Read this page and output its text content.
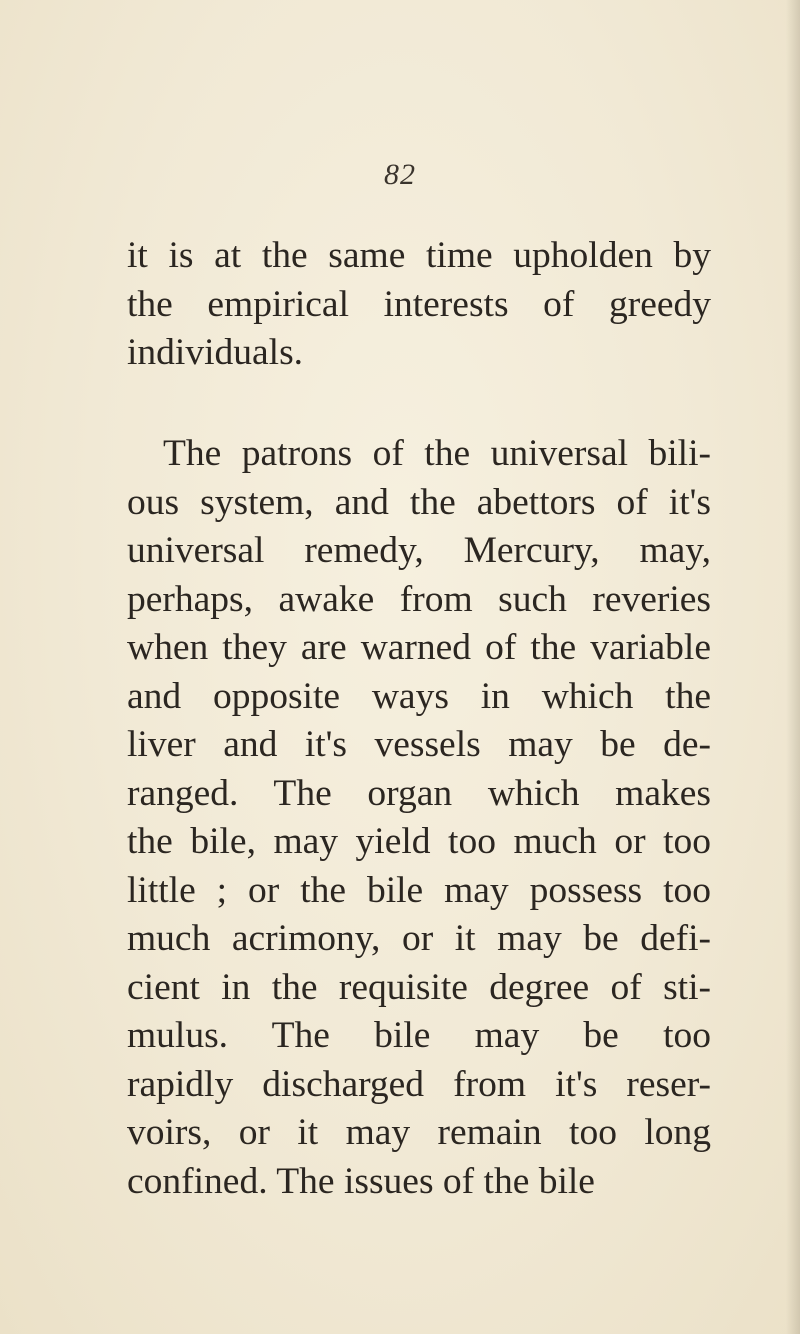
82
it is at the same time upholden by
the empirical interests of greedy
individuals.
The patrons of the universal bili-
ous system, and the abettors of it's
universal remedy, Mercury, may,
perhaps, awake from such reveries
when they are warned of the variable
and opposite ways in which the
liver and it's vessels may be de-
ranged. The organ which makes
the bile, may yield too much or too
little ; or the bile may possess too
much acrimony, or it may be defi-
cient in the requisite degree of sti-
mulus. The bile may be too
rapidly discharged from it's reser-
voirs, or it may remain too long
confined. The issues of the bile
